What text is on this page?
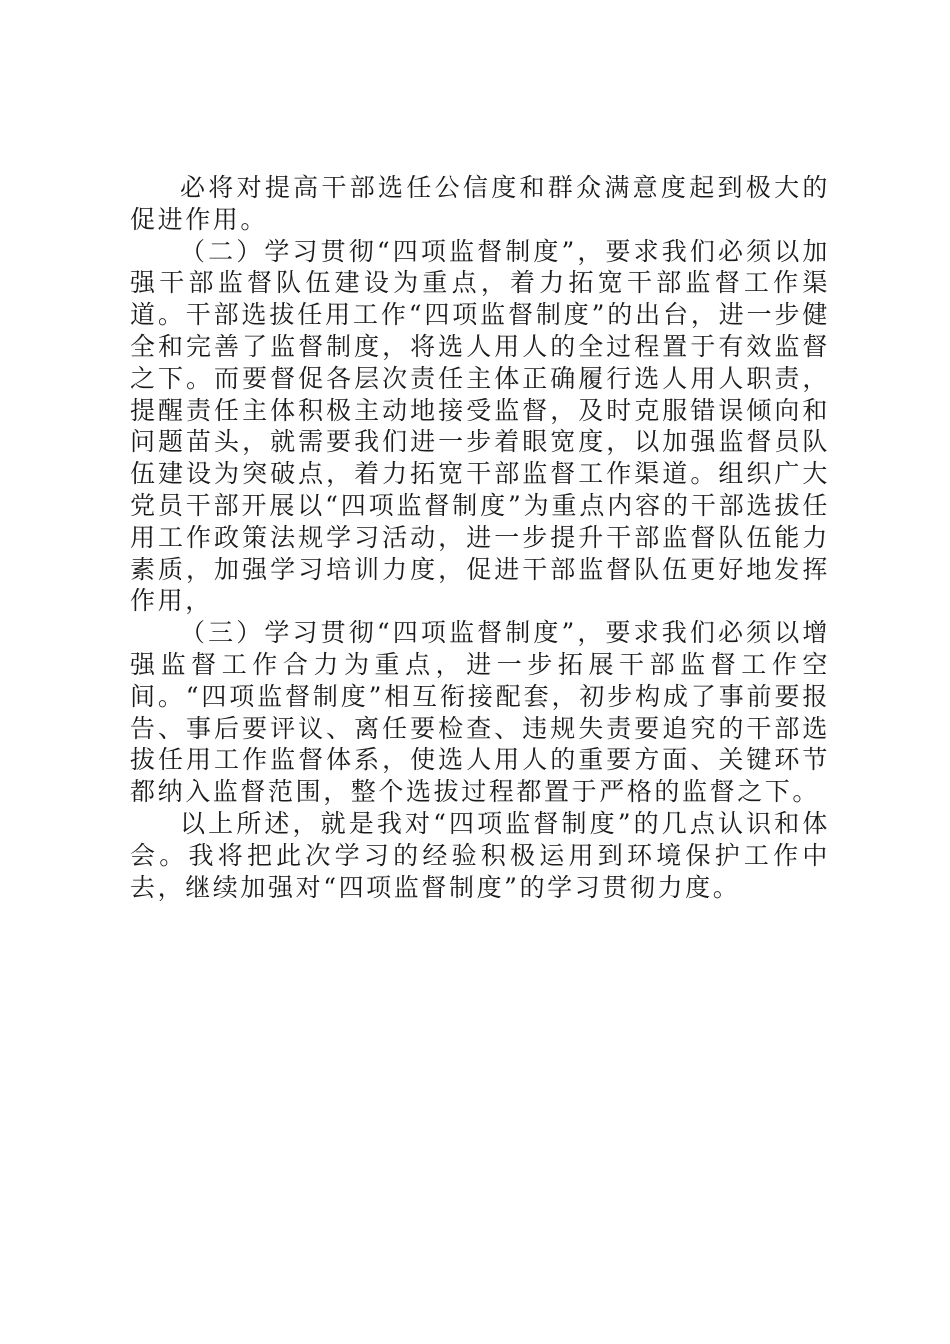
必将对提高干部选任公信度和群众满意度起到极大的促进作用。

（二）学习贯彻“四项监督制度”，要求我们必须以加强干部监督队伍建设为重点，着力拓宽干部监督工作渠道。干部选拔任用工作“四项监督制度”的出台，进一步健全和完善了监督制度，将选人用人的全过程置于有效监督之下。而要督促各层次责任主体正确履行选人用人职责，提醒责任主体积极主动地接受监督，及时克服错误倾向和问题苗头，就需要我们进一步着眼宽度，以加强监督员队伍建设为突破点，着力拓宽干部监督工作渠道。组织广大党员干部开展以“四项监督制度”为重点内容的干部选拔任用工作政策法规学习活动，进一步提升干部监督队伍能力素质，加强学习培训力度，促进干部监督队伍更好地发挥作用，

（三）学习贯彻“四项监督制度”，要求我们必须以增强监督工作合力为重点，进一步拓展干部监督工作空间。“四项监督制度”相互衔接配套，初步构成了事前要报告、事后要评议、离任要检查、违规失责要追究的干部选拔任用工作监督体系，使选人用人的重要方面、关键环节都纳入监督范围，整个选拔过程都置于严格的监督之下。

以上所述，就是我对“四项监督制度”的几点认识和体会。我将把此次学习的经验积极运用到环境保护工作中去，继续加强对“四项监督制度”的学习贯彻力度。
